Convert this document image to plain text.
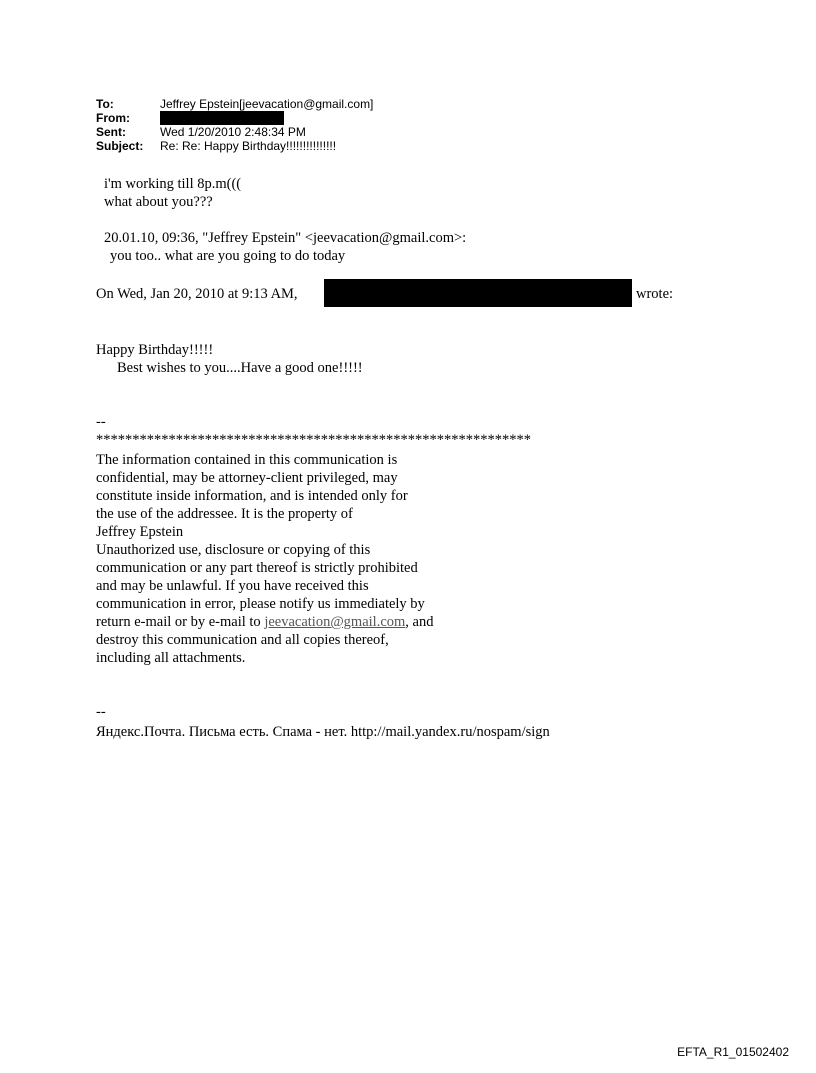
To:	Jeffrey Epstein[jeevacation@gmail.com]
From:
Sent:	Wed 1/20/2010 2:48:34 PM
Subject:	Re: Re: Happy Birthday!!!!!!!!!!!!!!!
i'm working till 8p.m(((
what about you???
20.01.10, 09:36, "Jeffrey Epstein" <jeevacation@gmail.com>:
you too.. what are you going to do today
On Wed, Jan 20, 2010 at 9:13 AM,	wrote:
Happy Birthday!!!!!
Best wishes to you....Have a good one!!!!!
--
************************************************************
The information contained in this communication is
confidential, may be attorney-client privileged, may
constitute inside information, and is intended only for
the use of the addressee. It is the property of
Jeffrey Epstein
Unauthorized use, disclosure or copying of this
communication or any part thereof is strictly prohibited
and may be unlawful. If you have received this
communication in error, please notify us immediately by
return e-mail or by e-mail to jeevacation@gmail.com, and
destroy this communication and all copies thereof,
including all attachments.
--
Яндекс.Почта. Письма есть. Спама - нет. http://mail.yandex.ru/nospam/sign
EFTA_R1_01502402
